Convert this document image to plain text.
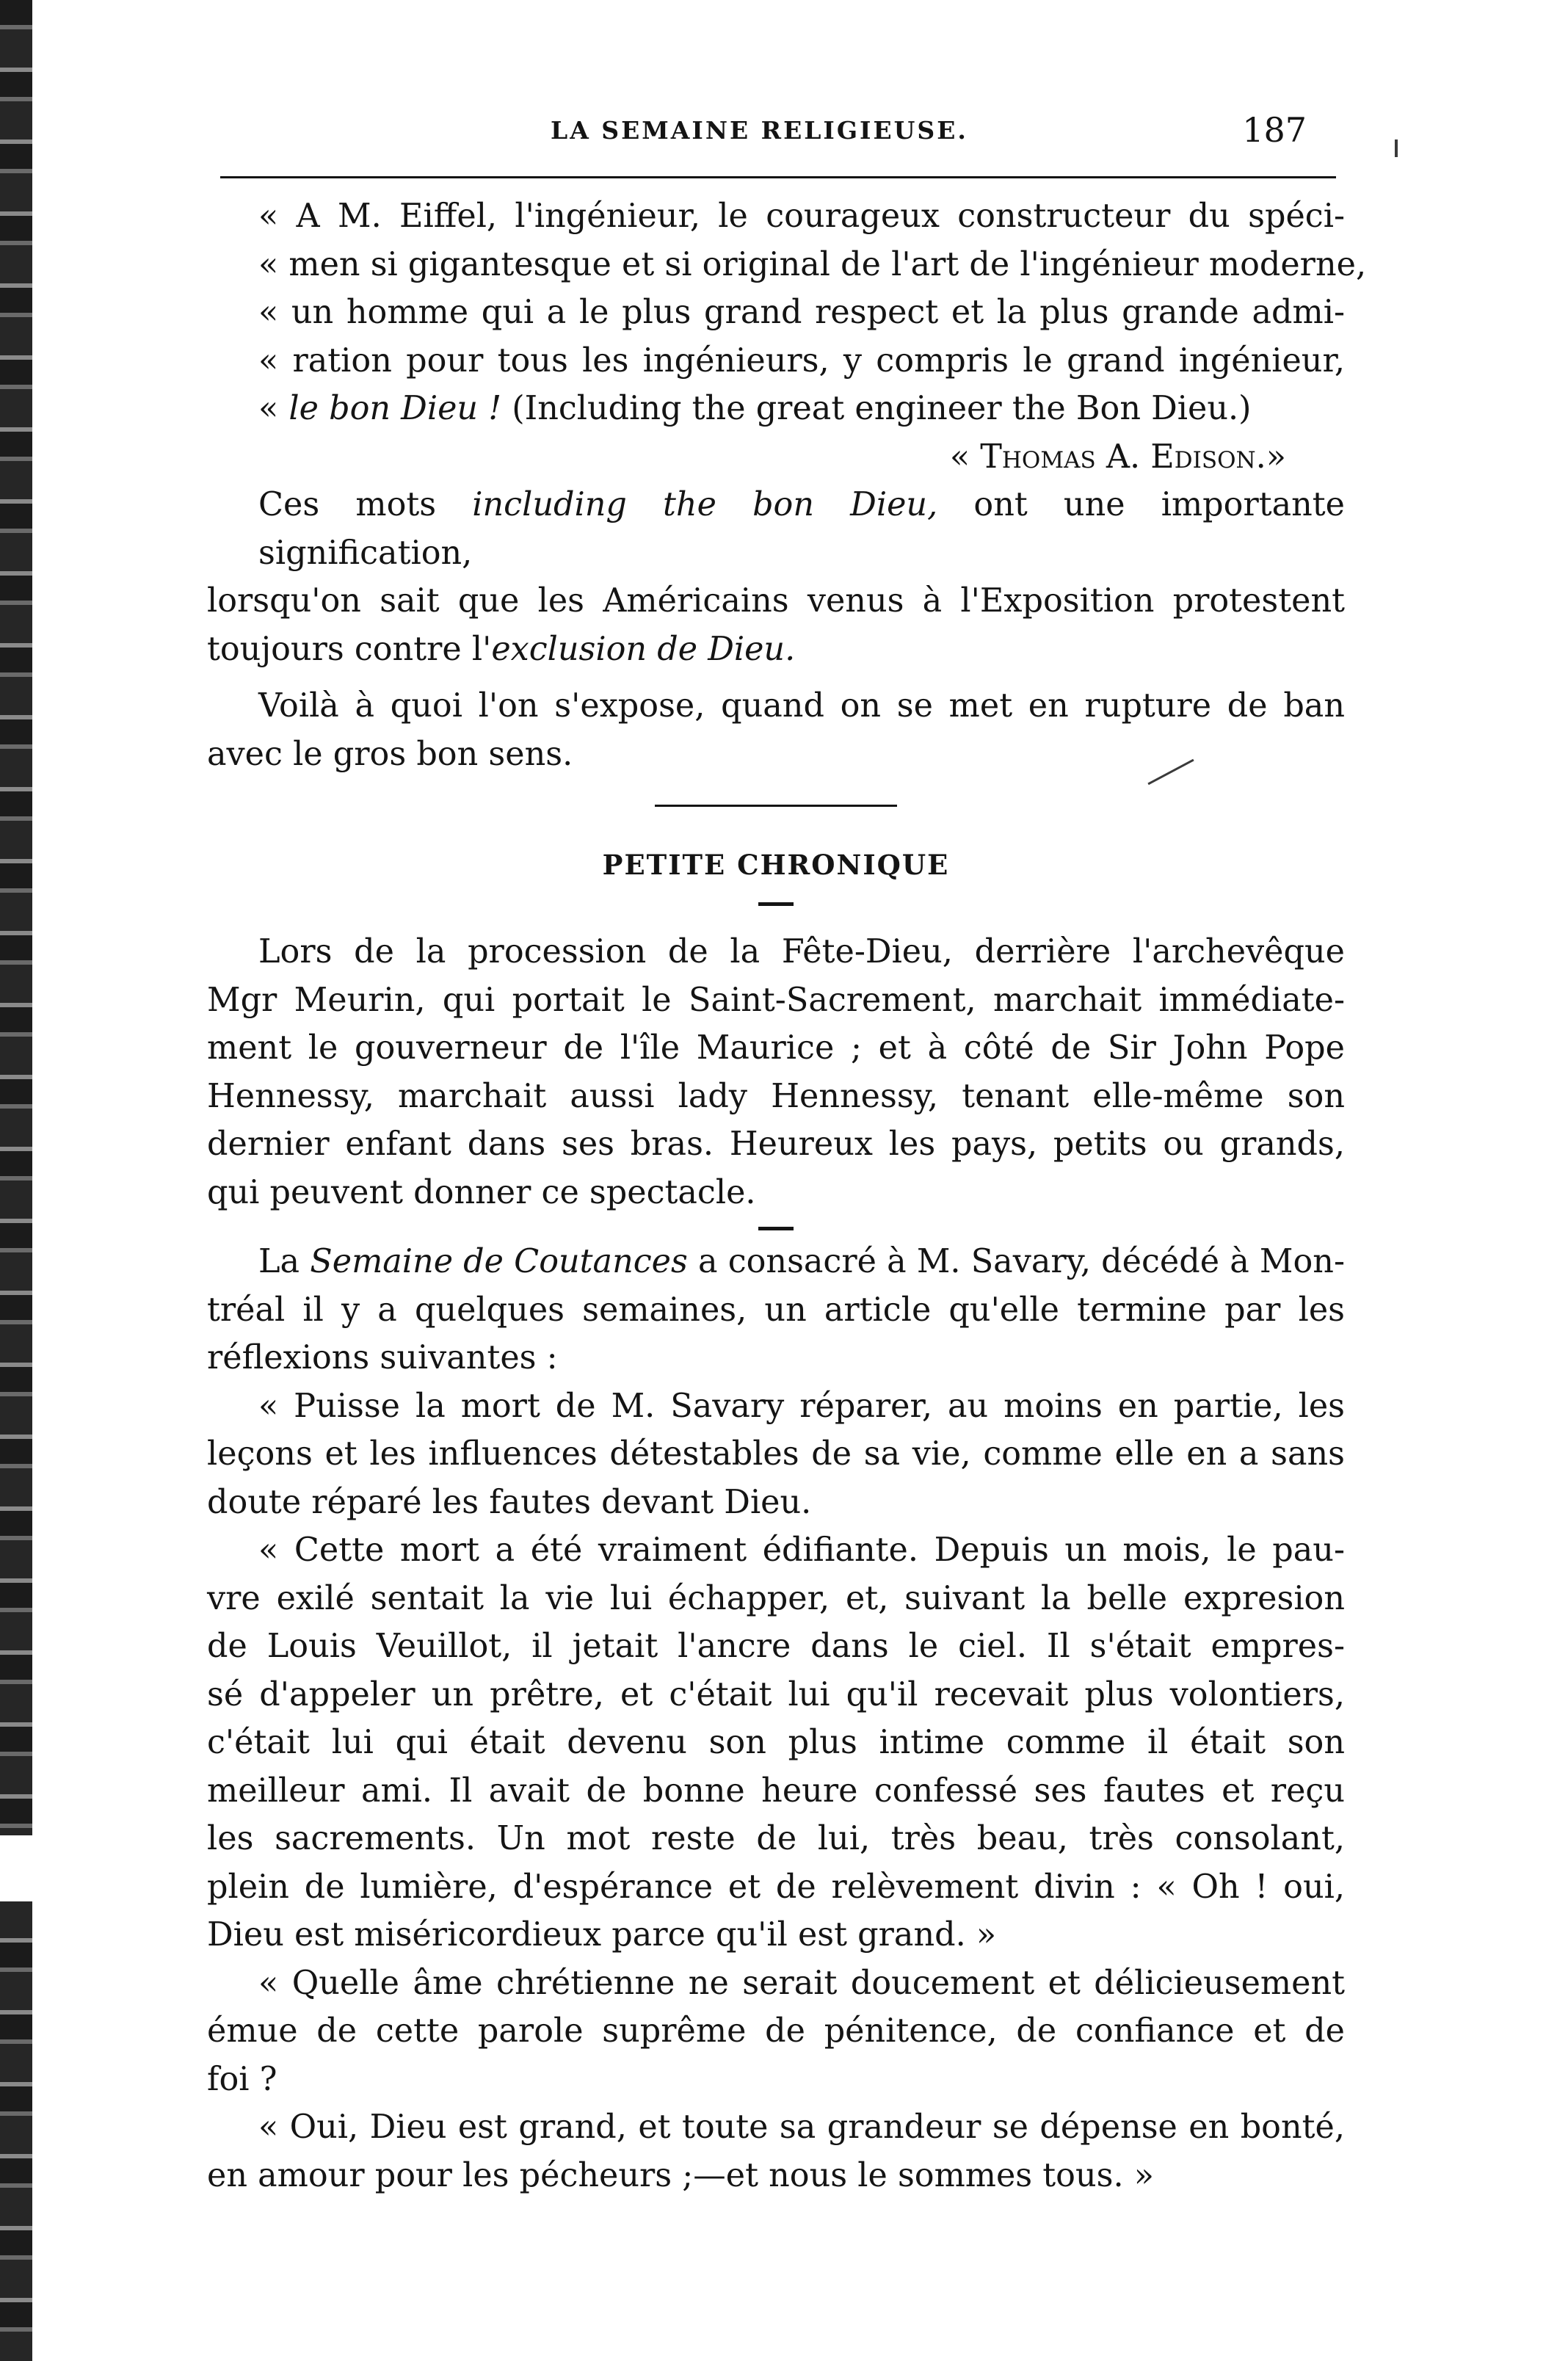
LA SEMAINE RELIGIEUSE.	187

« A M. Eiffel, l'ingénieur, le courageux constructeur du spéci-

« men si gigantesque et si original de l'art de l'ingénieur moderne,

« un homme qui a le plus grand respect et la plus grande admi-

« ration pour tous les ingénieurs, y compris le grand ingénieur,

« le bon Dieu ! (Including the great engineer the Bon Dieu.)

« Thomas A. Edison.»

Ces mots including the bon Dieu, ont une importante signification,

lorsqu'on sait que les Américains venus à l'Exposition protestent

toujours contre l'exclusion de Dieu.

Voilà à quoi l'on s'expose, quand on se met en rupture de ban

avec le gros bon sens.

PETITE CHRONIQUE

Lors de la procession de la Fête-Dieu, derrière l'archevêque

Mgr Meurin, qui portait le Saint-Sacrement, marchait immédiate-

ment le gouverneur de l'île Maurice ; et à côté de Sir John Pope

Hennessy, marchait aussi lady Hennessy, tenant elle-même son

dernier enfant dans ses bras. Heureux les pays, petits ou grands,

qui peuvent donner ce spectacle.

La Semaine de Coutances a consacré à M. Savary, décédé à Mon-

tréal il y a quelques semaines, un article qu'elle termine par les

réflexions suivantes :

« Puisse la mort de M. Savary réparer, au moins en partie, les

leçons et les influences détestables de sa vie, comme elle en a sans

doute réparé les fautes devant Dieu.

« Cette mort a été vraiment édifiante. Depuis un mois, le pau-

vre exilé sentait la vie lui échapper, et, suivant la belle expresion

de Louis Veuillot, il jetait l'ancre dans le ciel. Il s'était empres-

sé d'appeler un prêtre, et c'était lui qu'il recevait plus volontiers,

c'était lui qui était devenu son plus intime comme il était son

meilleur ami. Il avait de bonne heure confessé ses fautes et reçu

les sacrements. Un mot reste de lui, très beau, très consolant,

plein de lumière, d'espérance et de relèvement divin : « Oh ! oui,

Dieu est miséricordieux parce qu'il est grand. »

« Quelle âme chrétienne ne serait doucement et délicieusement

émue de cette parole suprême de pénitence, de confiance et de

foi ?

« Oui, Dieu est grand, et toute sa grandeur se dépense en bonté,

en amour pour les pécheurs ;—et nous le sommes tous. »
